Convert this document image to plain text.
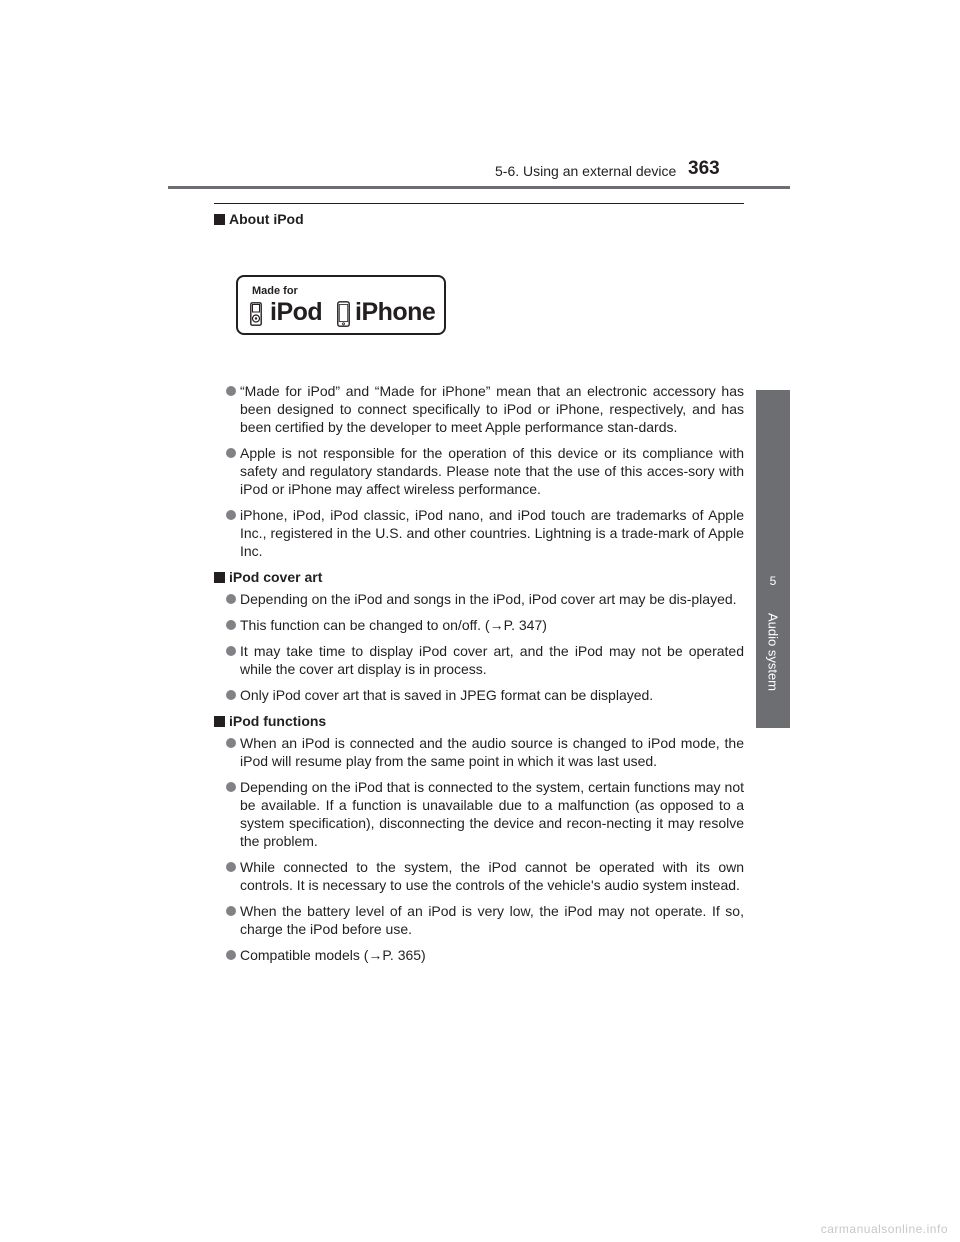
5-6. Using an external device 363
5
Audio system
About iPod
Made for
iPod iPhone
“Made for iPod” and “Made for iPhone” mean that an electronic accessory has been designed to connect specifically to iPod or iPhone, respectively, and has been certified by the developer to meet Apple performance stan-dards.
Apple is not responsible for the operation of this device or its compliance with safety and regulatory standards. Please note that the use of this acces-sory with iPod or iPhone may affect wireless performance.
iPhone, iPod, iPod classic, iPod nano, and iPod touch are trademarks of Apple Inc., registered in the U.S. and other countries. Lightning is a trade-mark of Apple Inc.
iPod cover art
Depending on the iPod and songs in the iPod, iPod cover art may be dis-played.
This function can be changed to on/off. (→P. 347)
It may take time to display iPod cover art, and the iPod may not be operated while the cover art display is in process.
Only iPod cover art that is saved in JPEG format can be displayed.
iPod functions
When an iPod is connected and the audio source is changed to iPod mode, the iPod will resume play from the same point in which it was last used.
Depending on the iPod that is connected to the system, certain functions may not be available. If a function is unavailable due to a malfunction (as opposed to a system specification), disconnecting the device and recon-necting it may resolve the problem.
While connected to the system, the iPod cannot be operated with its own controls. It is necessary to use the controls of the vehicle's audio system instead.
When the battery level of an iPod is very low, the iPod may not operate. If so, charge the iPod before use.
Compatible models (→P. 365)
carmanualsonline.info
